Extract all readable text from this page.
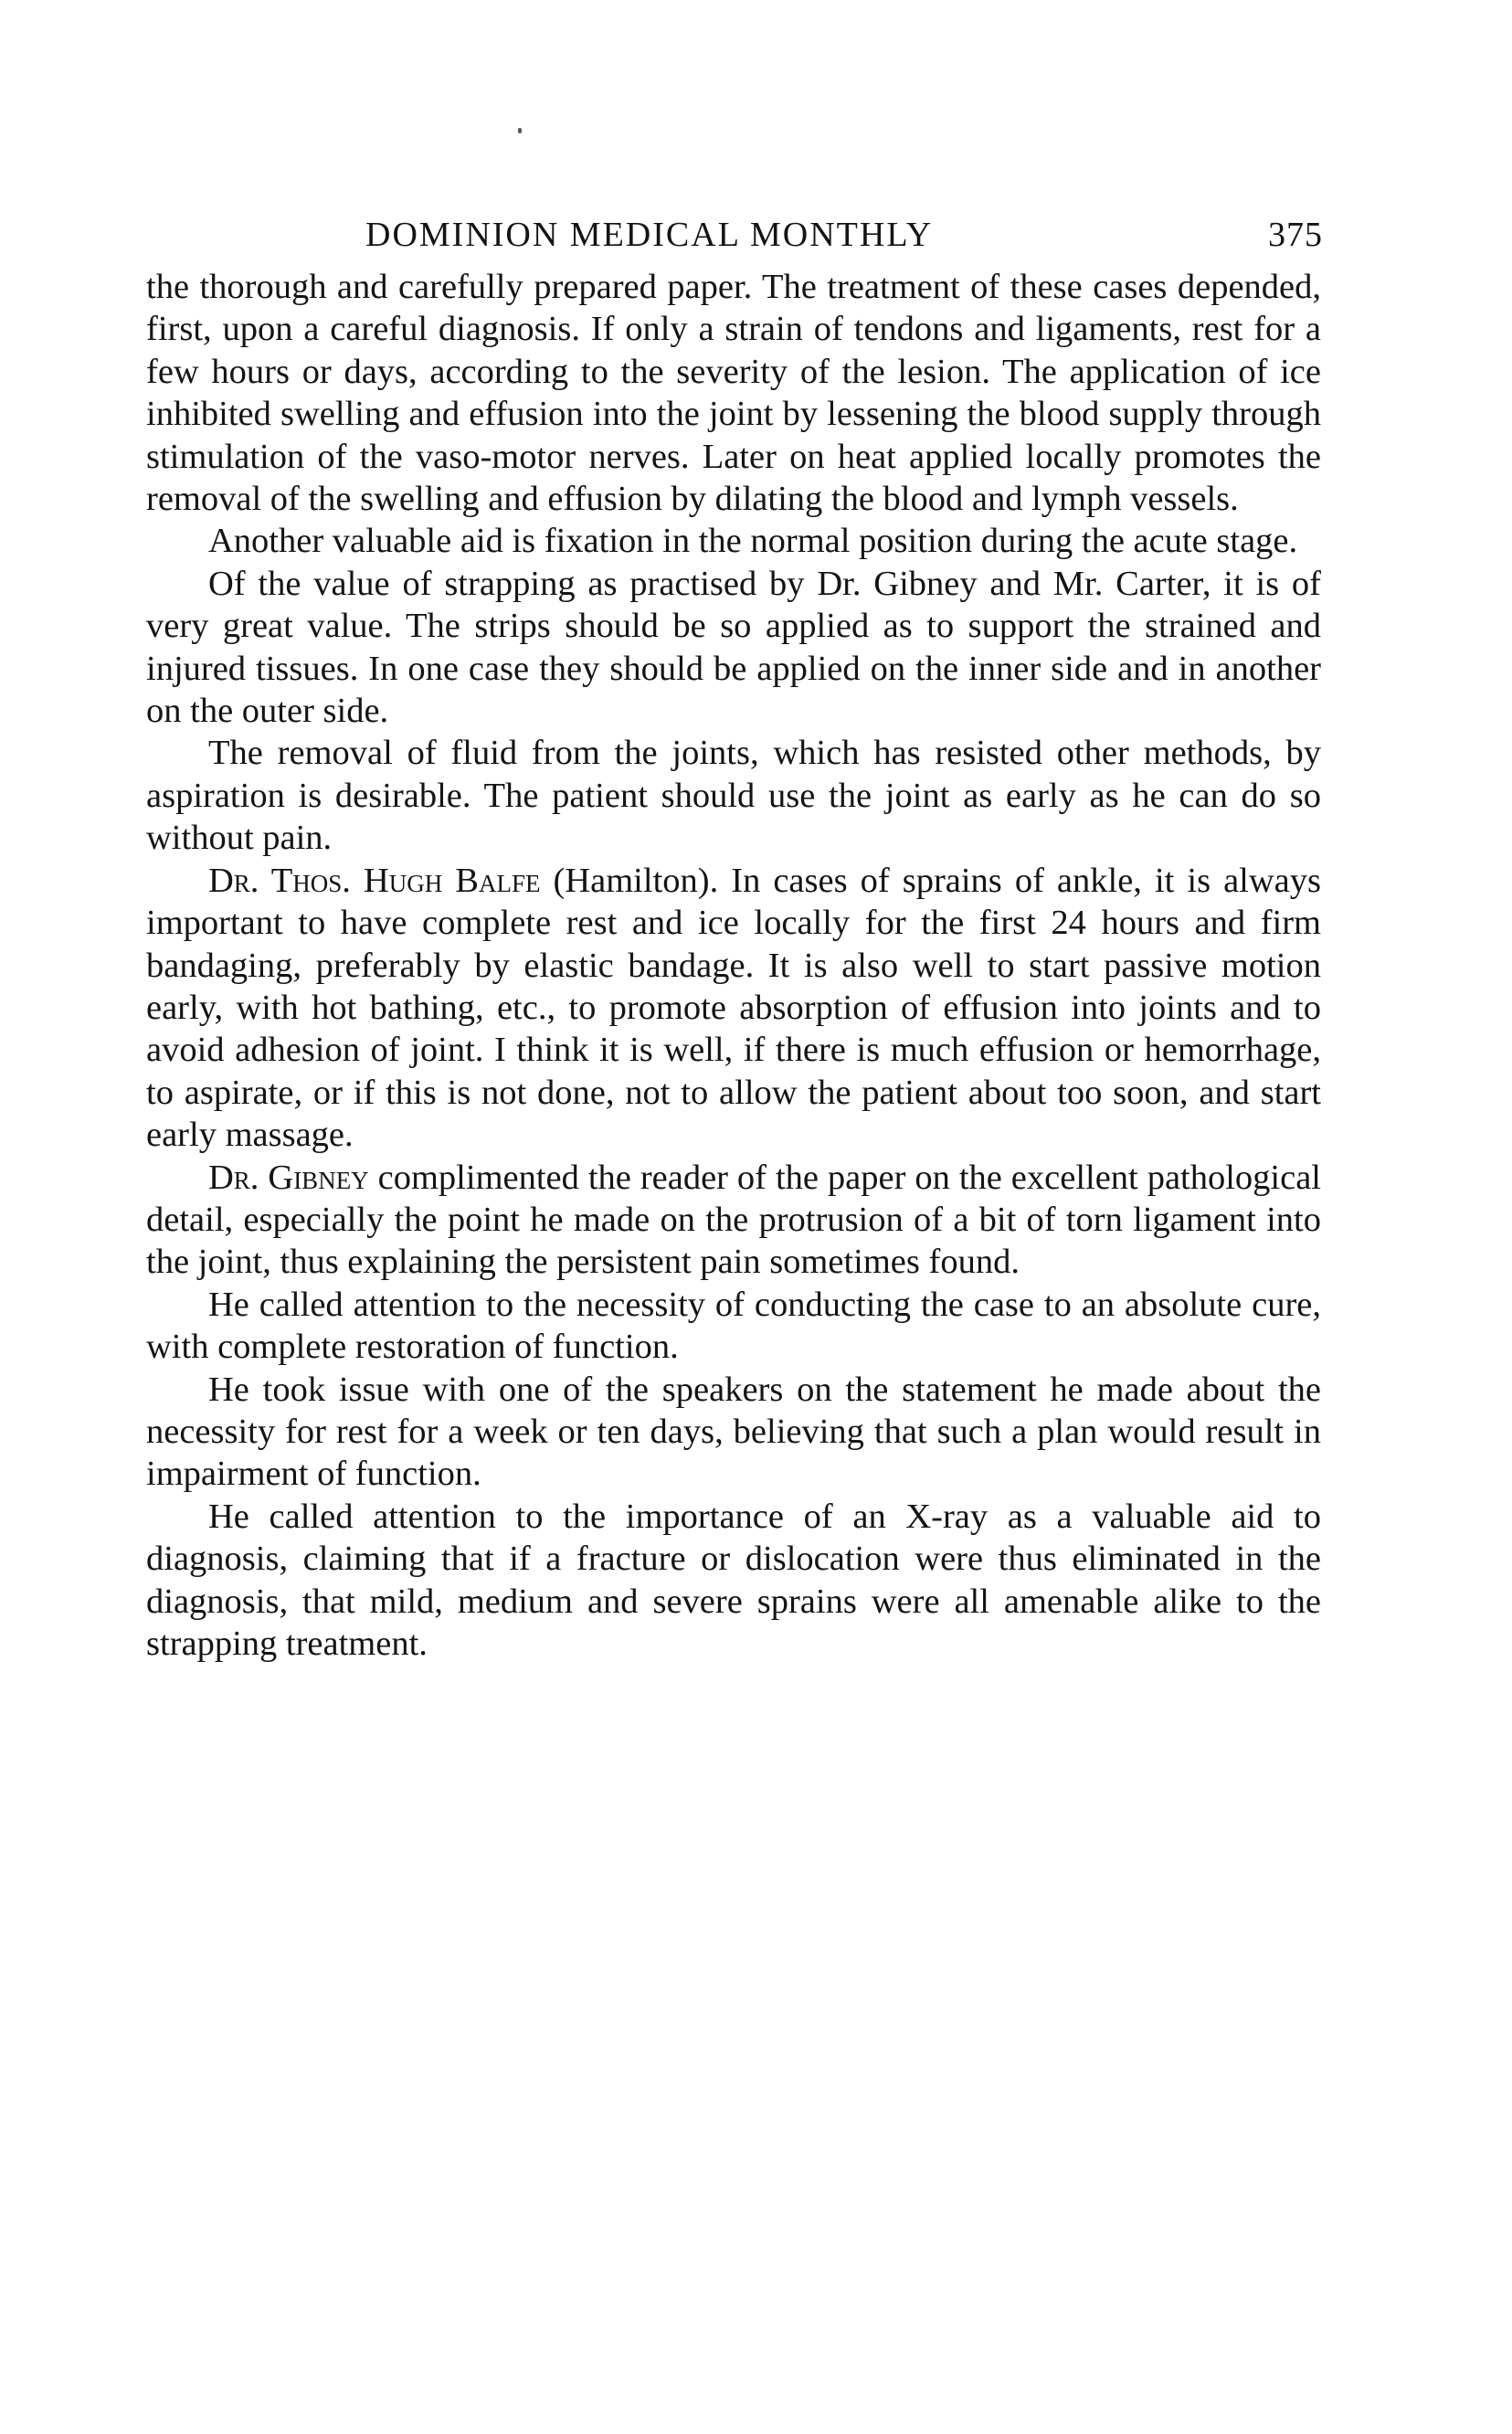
DOMINION MEDICAL MONTHLY	375

the thorough and carefully prepared paper. The treatment of these cases depended, first, upon a careful diagnosis. If only a strain of tendons and ligaments, rest for a few hours or days, according to the severity of the lesion. The application of ice inhibited swelling and effusion into the joint by lessening the blood supply through stimulation of the vaso-motor nerves. Later on heat applied locally promotes the removal of the swelling and effusion by dilating the blood and lymph vessels.

Another valuable aid is fixation in the normal position during the acute stage.

Of the value of strapping as practised by Dr. Gibney and Mr. Carter, it is of very great value. The strips should be so applied as to support the strained and injured tissues. In one case they should be applied on the inner side and in another on the outer side.

The removal of fluid from the joints, which has resisted other methods, by aspiration is desirable. The patient should use the joint as early as he can do so without pain.

Dr. Thos. Hugh Balfe (Hamilton). In cases of sprains of ankle, it is always important to have complete rest and ice locally for the first 24 hours and firm bandaging, preferably by elastic bandage. It is also well to start passive motion early, with hot bathing, etc., to promote absorption of effusion into joints and to avoid adhesion of joint. I think it is well, if there is much effusion or hemorrhage, to aspirate, or if this is not done, not to allow the patient about too soon, and start early massage.

Dr. Gibney complimented the reader of the paper on the excellent pathological detail, especially the point he made on the protrusion of a bit of torn ligament into the joint, thus explaining the persistent pain sometimes found.

He called attention to the necessity of conducting the case to an absolute cure, with complete restoration of function.

He took issue with one of the speakers on the statement he made about the necessity for rest for a week or ten days, believing that such a plan would result in impairment of function.

He called attention to the importance of an X-ray as a valuable aid to diagnosis, claiming that if a fracture or dislocation were thus eliminated in the diagnosis, that mild, medium and severe sprains were all amenable alike to the strapping treatment.
